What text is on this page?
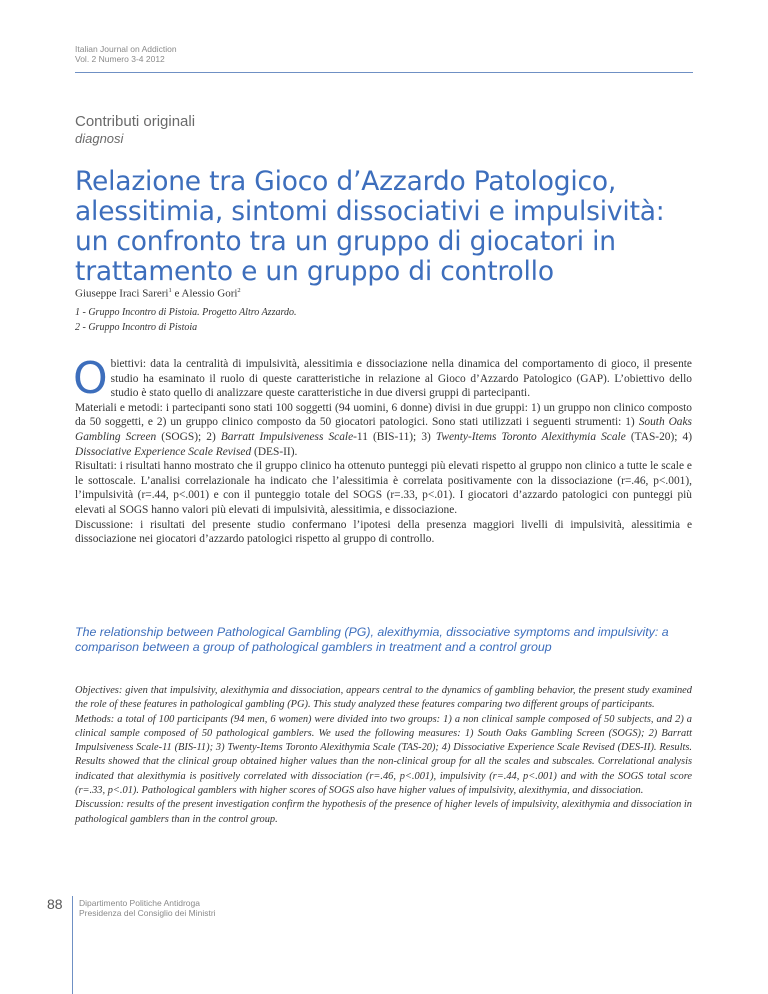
Italian Journal on Addiction
Vol. 2 Numero 3-4 2012
Contributi originali
diagnosi
Relazione tra Gioco d’Azzardo Patologico, alessitimia, sintomi dissociativi e impulsività: un confronto tra un gruppo di giocatori in trattamento e un gruppo di controllo
Giuseppe Iraci Sareri$^1$ e Alessio Gori$^2$
1 - Gruppo Incontro di Pistoia. Progetto Altro Azzardo.
2 - Gruppo Incontro di Pistoia

Obiettivi: data la centralità di impulsività, alessitimia e dissociazione nella dinamica del comportamento di gioco, il presente studio ha esaminato il ruolo di queste caratteristiche in relazione al Gioco d’Azzardo Patologico (GAP). L’obiettivo dello studio è stato quello di analizzare queste caratteristiche in due diversi gruppi di partecipanti.

Materiali e metodi: i partecipanti sono stati 100 soggetti (94 uomini, 6 donne) divisi in due gruppi: 1) un gruppo non clinico composto da 50 soggetti, e 2) un gruppo clinico composto da 50 giocatori patologici. Sono stati utilizzati i seguenti strumenti: 1) South Oaks Gambling Screen (SOGS); 2) Barratt Impulsiveness Scale-11 (BIS-11); 3) Twenty-Items Toronto Alexithymia Scale (TAS-20); 4) Dissociative Experience Scale Revised (DES-II).

Risultati: i risultati hanno mostrato che il gruppo clinico ha ottenuto punteggi più elevati rispetto al gruppo non clinico a tutte le scale e le sottoscale. L’analisi correlazionale ha indicato che l’alessitimia è correlata positivamente con la dissociazione (r=.46, p<.001), l’impulsività (r=.44, p<.001) e con il punteggio totale del SOGS (r=.33, p<.01). I giocatori d’azzardo patologici con punteggi più elevati al SOGS hanno valori più elevati di impulsività, alessitimia, e dissociazione.

Discussione: i risultati del presente studio confermano l’ipotesi della presenza maggiori livelli di impulsività, alessitimia e dissociazione nei giocatori d’azzardo patologici rispetto al gruppo di controllo.

The relationship between Pathological Gambling (PG), alexithymia, dissociative symptoms and impulsivity: a comparison between a group of pathological gamblers in treatment and a control group

Objectives: given that impulsivity, alexithymia and dissociation, appears central to the dynamics of gambling behavior, the present study examined the role of these features in pathological gambling (PG). This study analyzed these features comparing two different groups of participants.

Methods: a total of 100 participants (94 men, 6 women) were divided into two groups: 1) a non clinical sample composed of 50 subjects, and 2) a clinical sample composed of 50 pathological gamblers. We used the following measures: 1) South Oaks Gambling Screen (SOGS); 2) Barratt Impulsiveness Scale-11 (BIS-11); 3) Twenty-Items Toronto Alexithymia Scale (TAS-20); 4) Dissociative Experience Scale Revised (DES-II). Results. Results showed that the clinical group obtained higher values than the non-clinical group for all the scales and subscales. Correlational analysis indicated that alexithymia is positively correlated with dissociation (r=.46, p<.001), impulsivity (r=.44, p<.001) and with the SOGS total score (r=.33, p<.01). Pathological gamblers with higher scores of SOGS also have higher values of impulsivity, alexithymia, and dissociation.

Discussion: results of the present investigation confirm the hypothesis of the presence of higher levels of impulsivity, alexithymia and dissociation in pathological gamblers than in the control group.

88 Dipartimento Politiche Antidroga
Presidenza del Consiglio dei Ministri
